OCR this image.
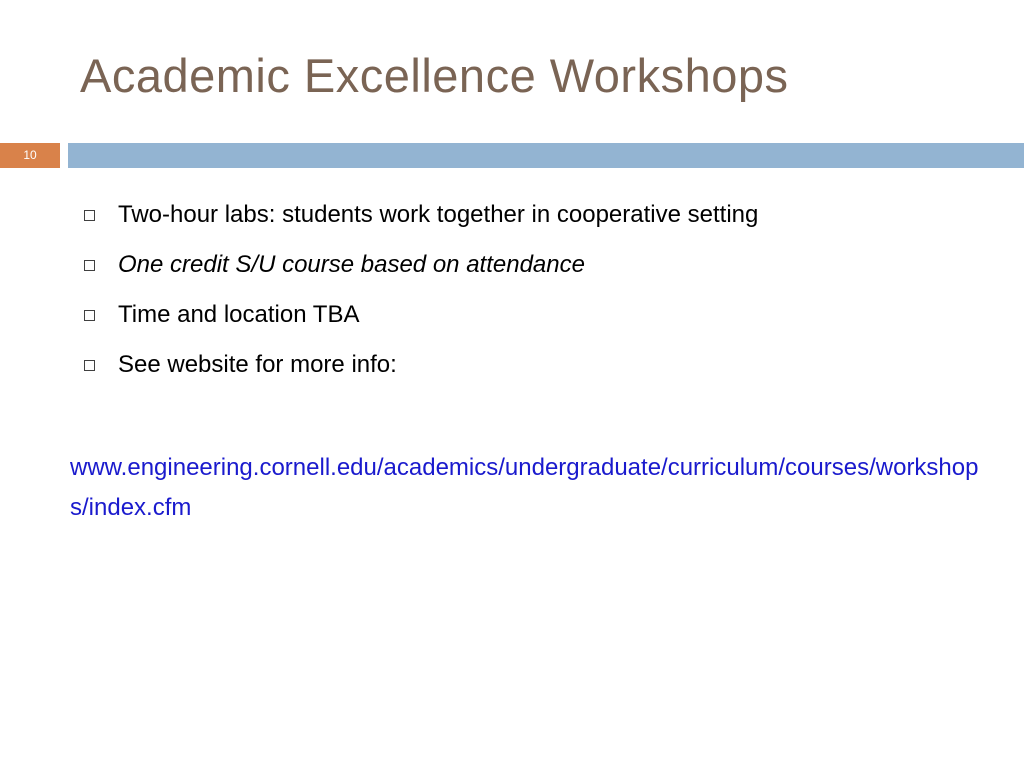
Academic Excellence Workshops
10
Two-hour labs: students work together in cooperative setting
One credit S/U course based on attendance
Time and location TBA
See website for more info:
www.engineering.cornell.edu/academics/undergraduate/curriculum/courses/workshops/index.cfm
